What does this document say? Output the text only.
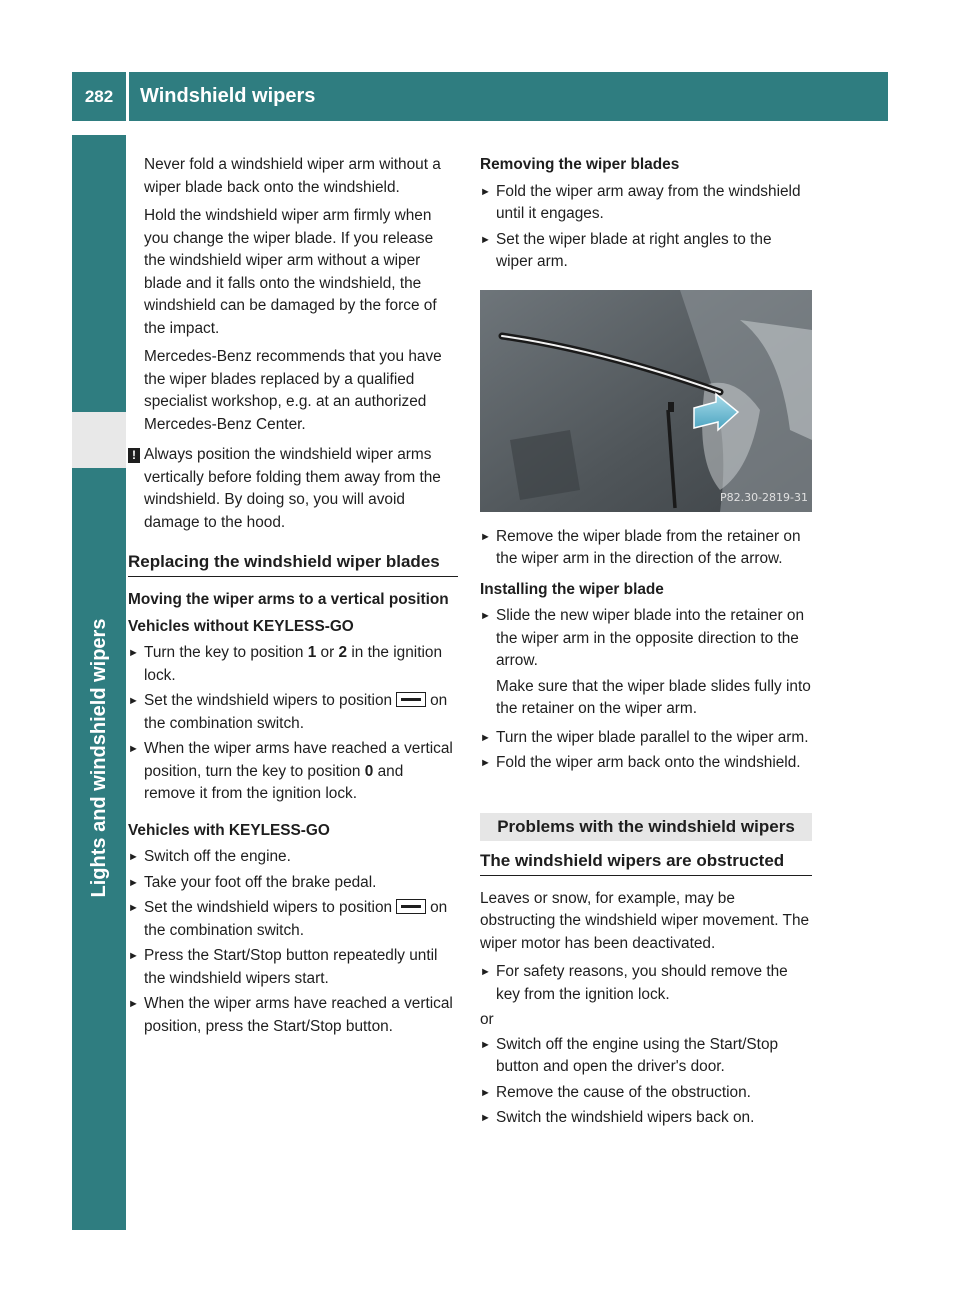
282	Windshield wipers
Lights and windshield wipers

Never fold a windshield wiper arm without a wiper blade back onto the windshield.

Hold the windshield wiper arm firmly when you change the wiper blade. If you release the windshield wiper arm without a wiper blade and it falls onto the windshield, the windshield can be damaged by the force of the impact.

Mercedes-Benz recommends that you have the wiper blades replaced by a qualified specialist workshop, e.g. at an authorized Mercedes-Benz Center.

! Always position the windshield wiper arms vertically before folding them away from the windshield. By doing so, you will avoid damage to the hood.
Replacing the windshield wiper blades
Moving the wiper arms to a vertical position
Vehicles without KEYLESS-GO
► Turn the key to position 1 or 2 in the ignition lock.
► Set the windshield wipers to position on the combination switch.
► When the wiper arms have reached a vertical position, turn the key to position 0 and remove it from the ignition lock.
Vehicles with KEYLESS-GO
► Switch off the engine.
► Take your foot off the brake pedal.
► Set the windshield wipers to position on the combination switch.
► Press the Start/Stop button repeatedly until the windshield wipers start.
► When the wiper arms have reached a vertical position, press the Start/Stop button.
Removing the wiper blades
► Fold the wiper arm away from the windshield until it engages.
► Set the wiper blade at right angles to the wiper arm.
P82.30-2819-31
► Remove the wiper blade from the retainer on the wiper arm in the direction of the arrow.
Installing the wiper blade
► Slide the new wiper blade into the retainer on the wiper arm in the opposite direction to the arrow.

Make sure that the wiper blade slides fully into the retainer on the wiper arm.

► Turn the wiper blade parallel to the wiper arm.
► Fold the wiper arm back onto the windshield.
Problems with the windshield wipers
The windshield wipers are obstructed

Leaves or snow, for example, may be obstructing the windshield wiper movement. The wiper motor has been deactivated.

► For safety reasons, you should remove the key from the ignition lock.

or

► Switch off the engine using the Start/Stop button and open the driver's door.
► Remove the cause of the obstruction.
► Switch the windshield wipers back on.
